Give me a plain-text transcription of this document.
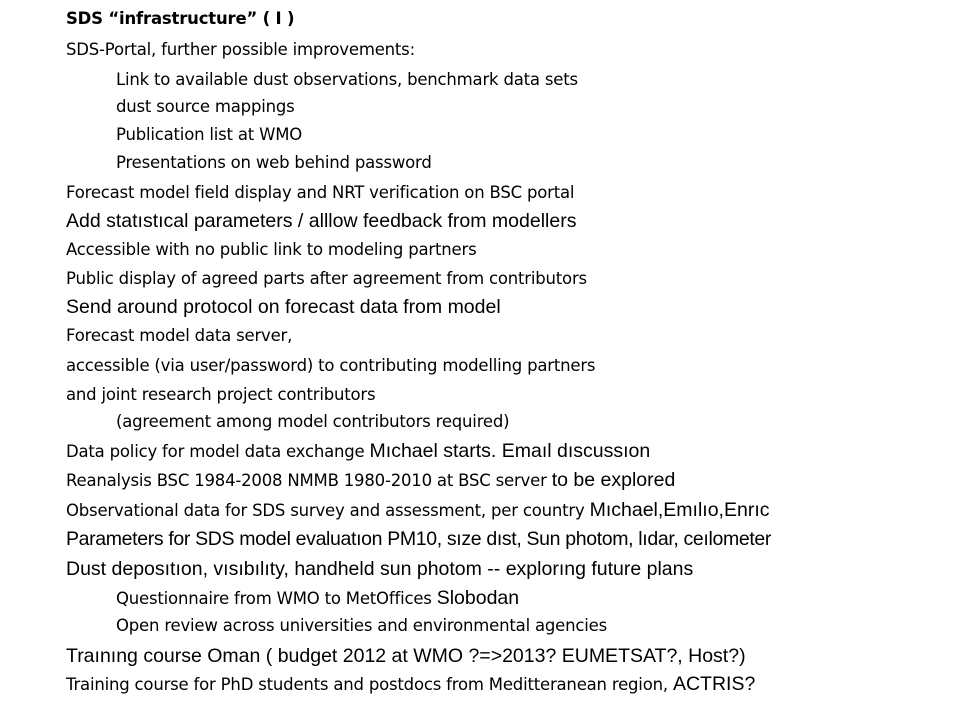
SDS “infrastructure” ( I )
SDS-Portal, further possible improvements:
Link to available dust observations, benchmark data sets
dust source mappings
Publication list at WMO
Presentations on web behind password
Forecast model field display and NRT verification on BSC portal
Add statıstıcal parameters / alllow feedback from modellers
Accessible with no public link to modeling partners
Public display of agreed parts after agreement from contributors
Send around protocol on forecast data from model
Forecast model data server,
accessible (via user/password) to contributing modelling partners
and joint research project contributors
(agreement among model contributors required)
Data policy for model data exchange Mıchael starts. Emaıl dıscussıon
Reanalysis BSC 1984-2008 NMMB 1980-2010 at BSC server to be explored
Observational data for SDS survey and assessment, per country Mıchael,Emılıo,Enrıc
Parameters for SDS model evaluatıon PM10, sıze dıst, Sun photom, lıdar, ceılometer
Dust deposıtıon, vısıbılıty, handheld sun photom -- explorıng future plans
Questionnaire from WMO to MetOffices Slobodan
Open review across universities and environmental agencies
Traınıng course Oman ( budget 2012 at WMO ?=>2013? EUMETSAT?, Host?)
Training course for PhD students and postdocs from Meditteranean region, ACTRIS?
